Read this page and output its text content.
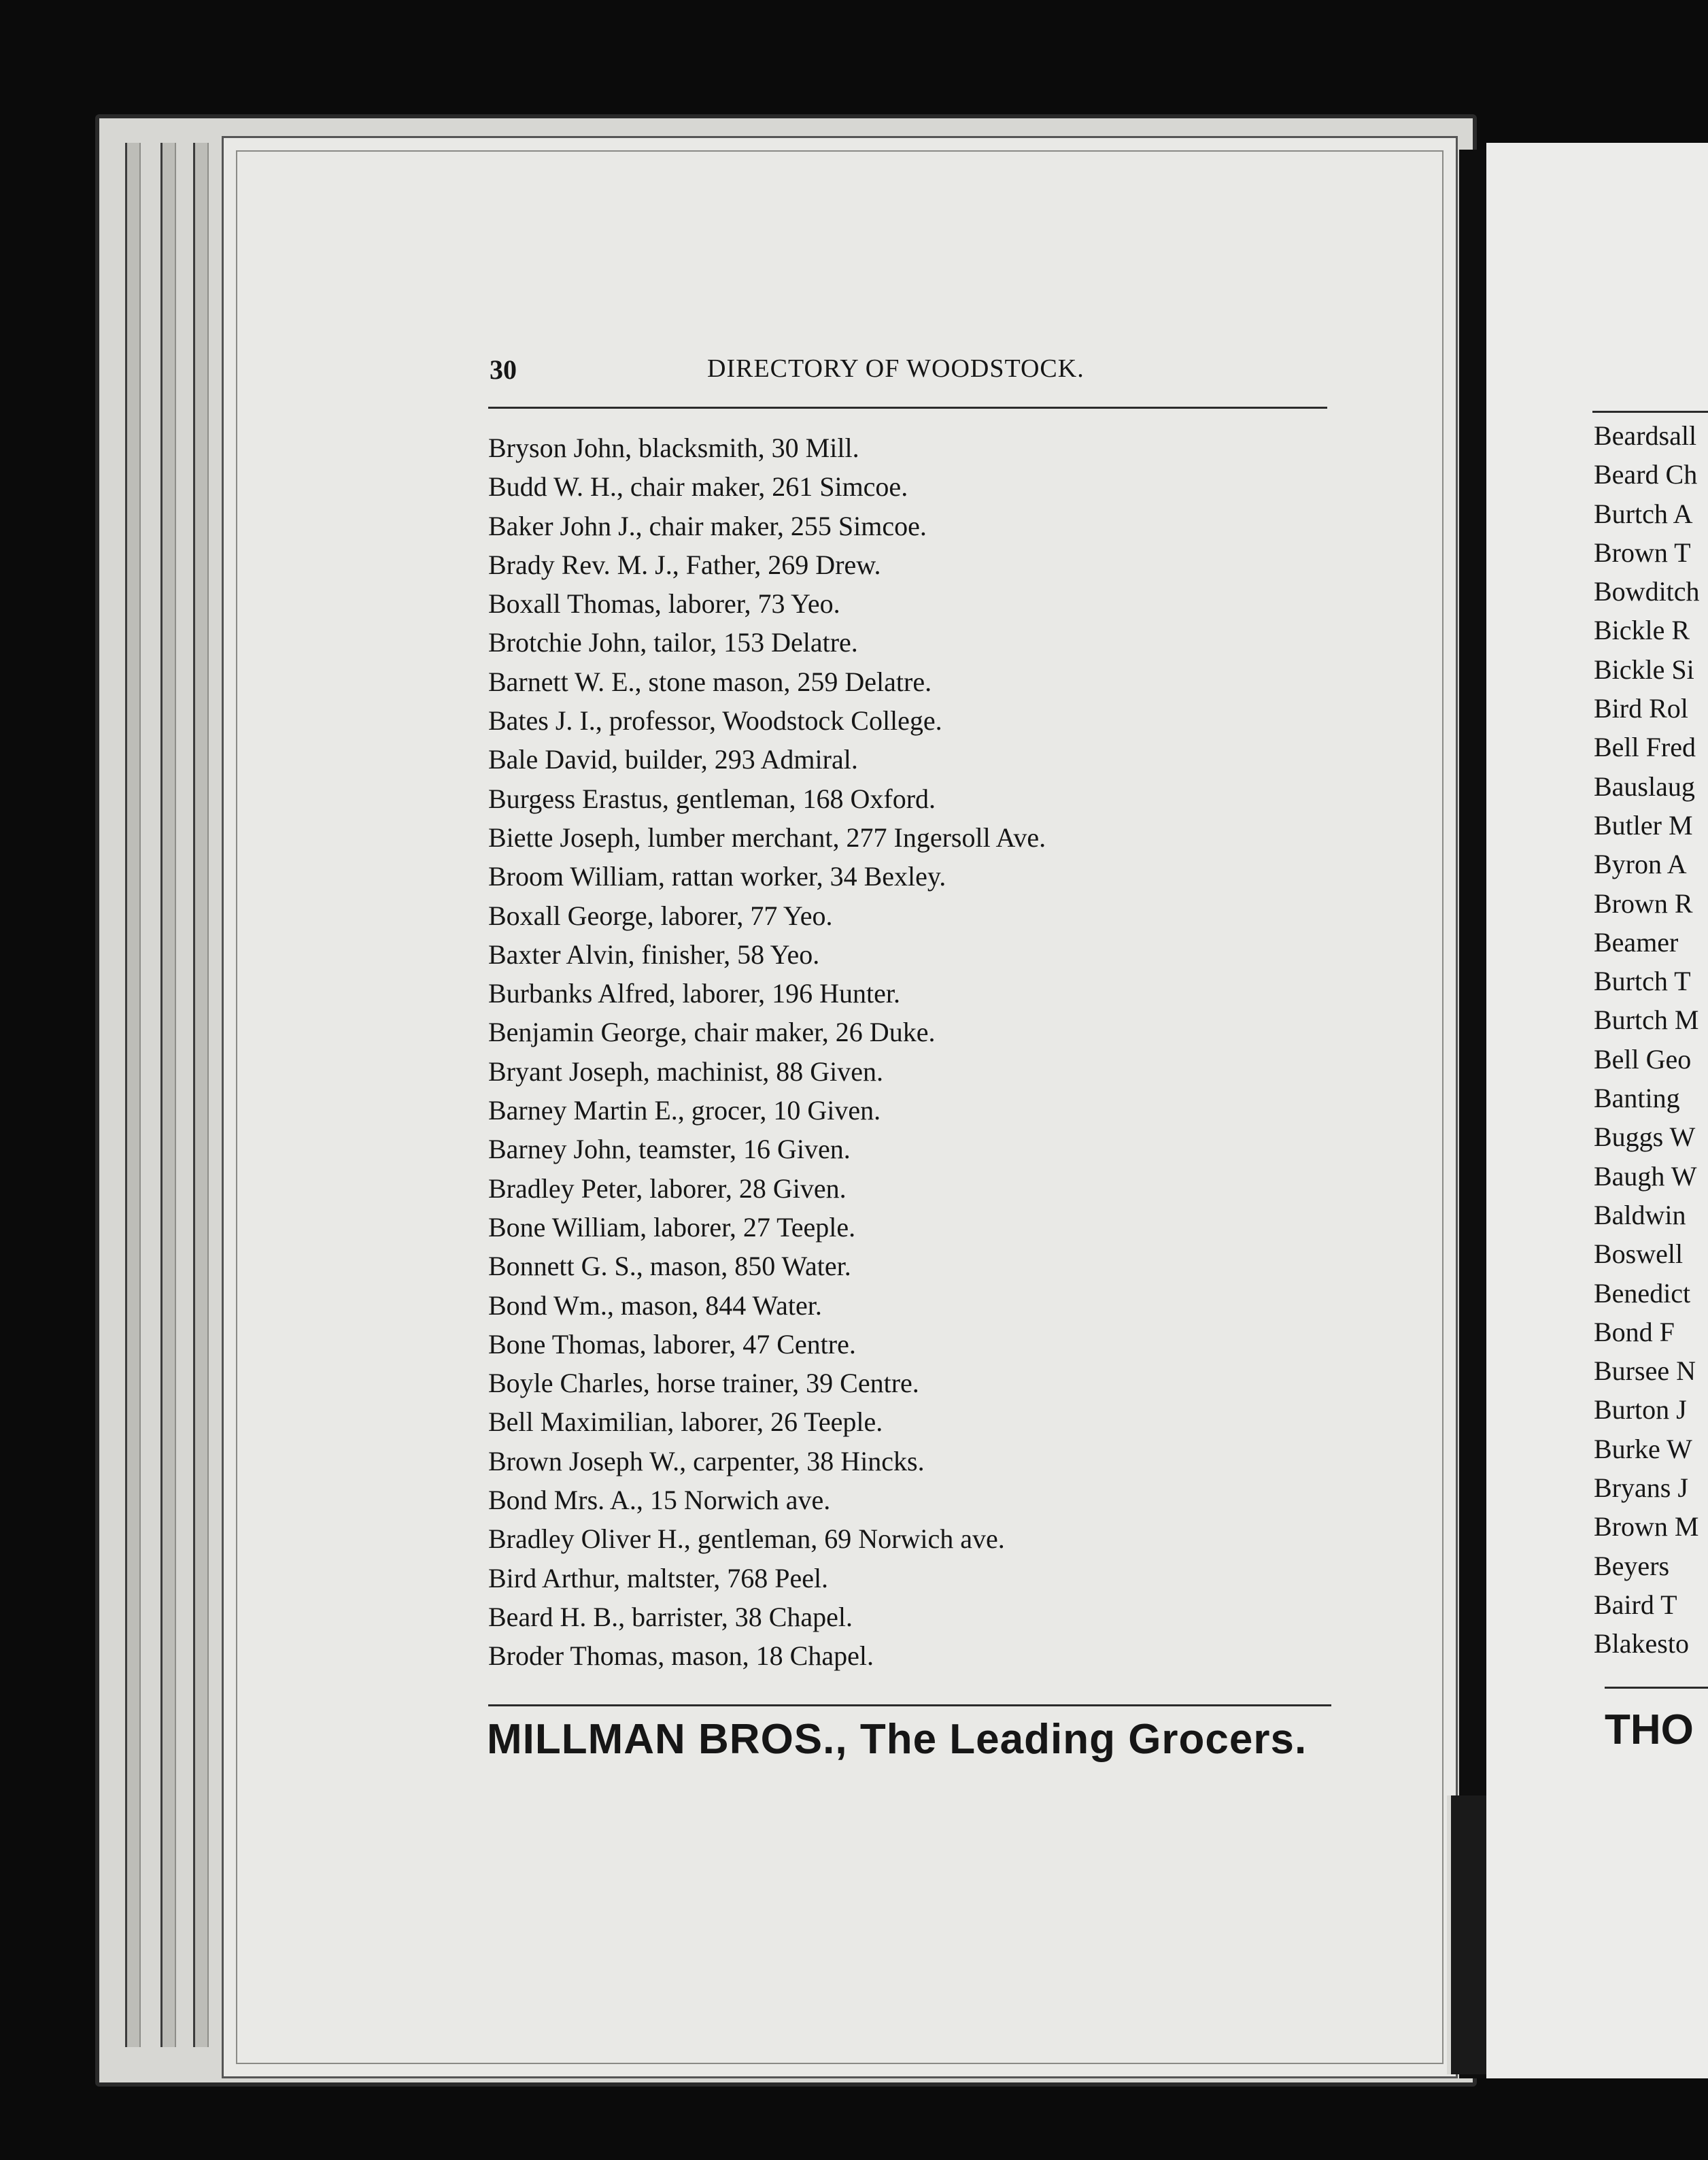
30	DIRECTORY OF WOODSTOCK.
Bryson John, blacksmith, 30 Mill.
Budd W. H., chair maker, 261 Simcoe.
Baker John J., chair maker, 255 Simcoe.
Brady Rev. M. J., Father, 269 Drew.
Boxall Thomas, laborer, 73 Yeo.
Brotchie John, tailor, 153 Delatre.
Barnett W. E., stone mason, 259 Delatre.
Bates J. I., professor, Woodstock College.
Bale David, builder, 293 Admiral.
Burgess Erastus, gentleman, 168 Oxford.
Biette Joseph, lumber merchant, 277 Ingersoll Ave.
Broom William, rattan worker, 34 Bexley.
Boxall George, laborer, 77 Yeo.
Baxter Alvin, finisher, 58 Yeo.
Burbanks Alfred, laborer, 196 Hunter.
Benjamin George, chair maker, 26 Duke.
Bryant Joseph, machinist, 88 Given.
Barney Martin E., grocer, 10 Given.
Barney John, teamster, 16 Given.
Bradley Peter, laborer, 28 Given.
Bone William, laborer, 27 Teeple.
Bonnett G. S., mason, 850 Water.
Bond Wm., mason, 844 Water.
Bone Thomas, laborer, 47 Centre.
Boyle Charles, horse trainer, 39 Centre.
Bell Maximilian, laborer, 26 Teeple.
Brown Joseph W., carpenter, 38 Hincks.
Bond Mrs. A., 15 Norwich ave.
Bradley Oliver H., gentleman, 69 Norwich ave.
Bird Arthur, maltster, 768 Peel.
Beard H. B., barrister, 38 Chapel.
Broder Thomas, mason, 18 Chapel.
MILLMAN BROS., The Leading Grocers.
Beardsall
Beard Ch
Burtch A
Brown T
Bowditch
Bickle R
Bickle Si
Bird Rol
Bell Fred
Bauslaug
Butler M
Byron A
Brown R
Beamer
Burtch T
Burtch M
Bell Geo
Banting
Buggs W
Baugh W
Baldwin
Boswell
Benedict
Bond F
Bursee N
Burton J
Burke W
Bryans J
Brown M
Beyers
Baird T
Blakesto
THO
